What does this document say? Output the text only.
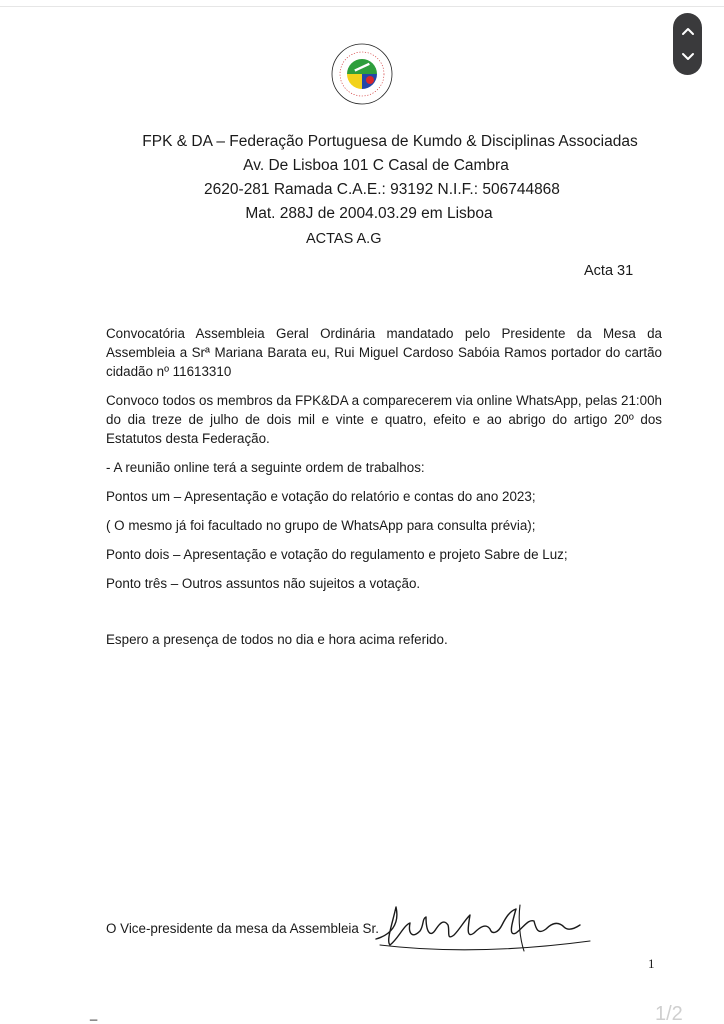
FPK & DA – Federação Portuguesa de Kumdo & Disciplinas Associadas
Av. De Lisboa 101 C Casal de Cambra
2620-281 Ramada C.A.E.: 93192 N.I.F.: 506744868
Mat. 288J de 2004.03.29 em Lisboa
ACTAS A.G
Acta 31

Convocatória Assembleia Geral Ordinária mandatado pelo Presidente da Mesa da Assembleia a Srª Mariana Barata eu, Rui Miguel Cardoso Sabóia Ramos portador do cartão cidadão nº 11613310

Convoco todos os membros da FPK&DA a comparecerem via online WhatsApp, pelas 21:00h do dia treze de julho de dois mil e vinte e quatro, efeito e ao abrigo do artigo 20º dos Estatutos desta Federação.

- A reunião online terá a seguinte ordem de trabalhos:

Pontos um – Apresentação e votação do relatório e contas do ano 2023;

( O mesmo já foi facultado no grupo de WhatsApp para consulta prévia);

Ponto dois – Apresentação e votação do regulamento e projeto Sabre de Luz;

Ponto três – Outros assuntos não sujeitos a votação.

Espero a presença de todos no dia e hora acima referido.
O Vice-presidente da mesa da Assembleia Sr.
1
_	1/2
